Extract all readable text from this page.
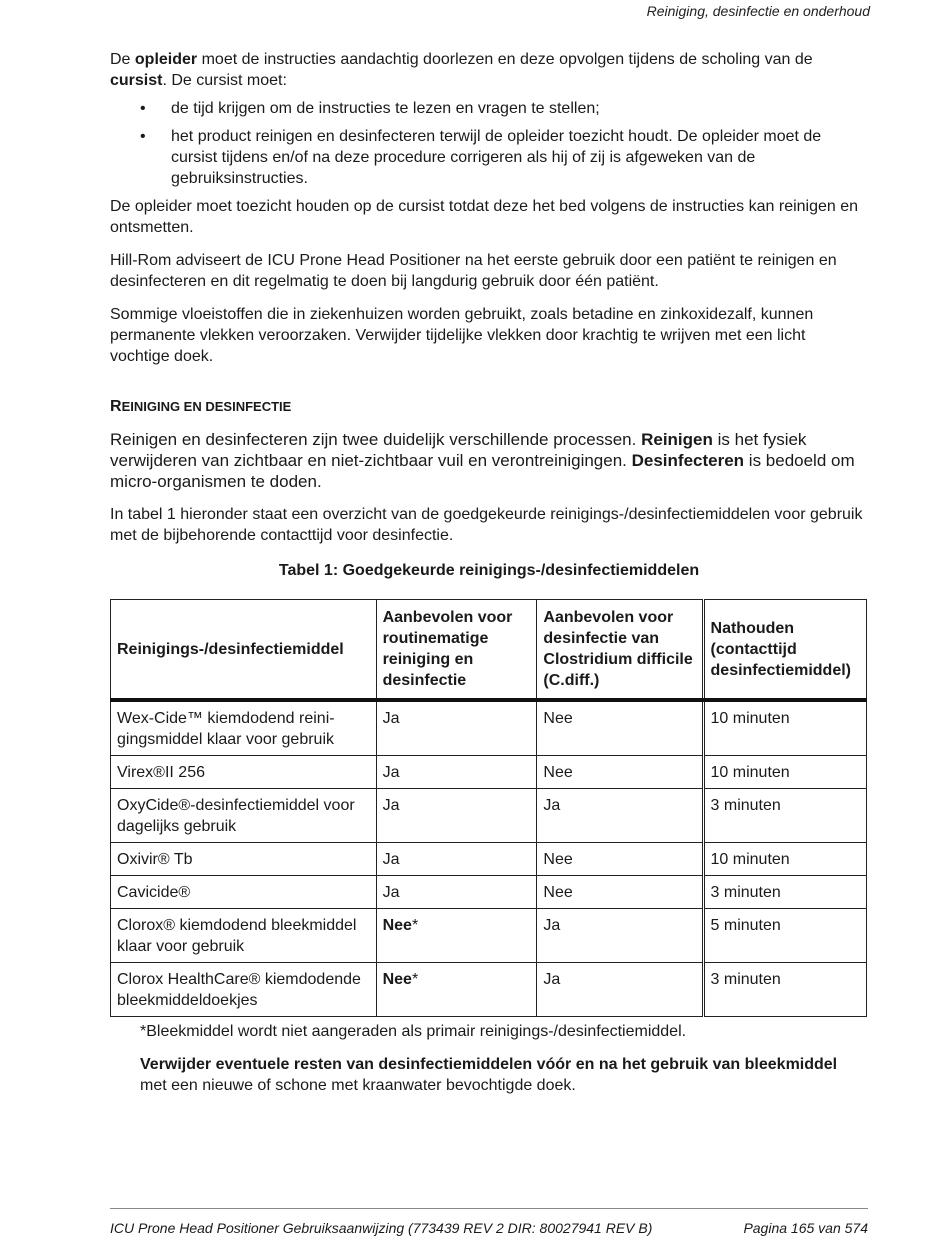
Reiniging, desinfectie en onderhoud

De opleider moet de instructies aandachtig doorlezen en deze opvolgen tijdens de scholing van de cursist. De cursist moet:

• de tijd krijgen om de instructies te lezen en vragen te stellen;
• het product reinigen en desinfecteren terwijl de opleider toezicht houdt. De opleider moet de cursist tijdens en/of na deze procedure corrigeren als hij of zij is afgeweken van de gebruiksinstructies.

De opleider moet toezicht houden op de cursist totdat deze het bed volgens de instructies kan reinigen en ontsmetten.

Hill-Rom adviseert de ICU Prone Head Positioner na het eerste gebruik door een patiënt te reinigen en desinfecteren en dit regelmatig te doen bij langdurig gebruik door één patiënt.

Sommige vloeistoffen die in ziekenhuizen worden gebruikt, zoals betadine en zinkoxidezalf, kunnen permanente vlekken veroorzaken. Verwijder tijdelijke vlekken door krachtig te wrijven met een licht vochtige doek.

REINIGING EN DESINFECTIE

Reinigen en desinfecteren zijn twee duidelijk verschillende processen. Reinigen is het fysiek verwijderen van zichtbaar en niet-zichtbaar vuil en verontreinigingen. Desinfecteren is bedoeld om micro-organismen te doden.

In tabel 1 hieronder staat een overzicht van de goedgekeurde reinigings-/desinfectiemiddelen voor gebruik met de bijbehorende contacttijd voor desinfectie.

Tabel 1: Goedgekeurde reinigings-/desinfectiemiddelen
Reinigings-/desinfectiemiddel	Aanbevolen voor routinematige reiniging en desinfectie	Aanbevolen voor desinfectie van Clostridium difficile (C.diff.)	Nathouden (contacttijd desinfectiemiddel)
Wex-Cide™ kiemdodend reini-gingsmiddel klaar voor gebruik	Ja	Nee	10 minuten
Virex®II 256	Ja	Nee	10 minuten
OxyCide®-desinfectiemiddel voor dagelijks gebruik	Ja	Ja	3 minuten
Oxivir® Tb	Ja	Nee	10 minuten
Cavicide®	Ja	Nee	3 minuten
Clorox® kiemdodend bleekmiddel klaar voor gebruik	Nee*	Ja	5 minuten
Clorox HealthCare® kiemdodende bleekmiddeldoekjes	Nee*	Ja	3 minuten

*Bleekmiddel wordt niet aangeraden als primair reinigings-/desinfectiemiddel.

Verwijder eventuele resten van desinfectiemiddelen vóór en na het gebruik van bleekmiddel met een nieuwe of schone met kraanwater bevochtigde doek.

ICU Prone Head Positioner Gebruiksaanwijzing (773439 REV 2 DIR: 80027941 REV B)	Pagina 165 van 574
